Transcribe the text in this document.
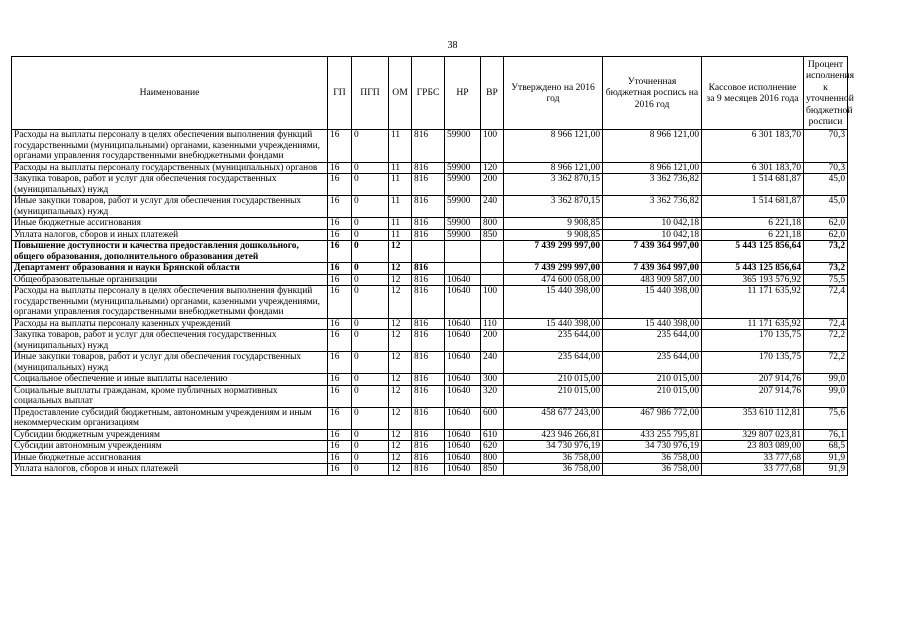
38
Наименование	ГП	ПГП	ОМ	ГРБС	НР	ВР	Утверждено на 2016 год	Уточненная бюджетная роспись на 2016 год	Кассовое исполнение за 9 месяцев 2016 года	Процент исполнения к уточненной бюджетной росписи
Расходы на выплаты персоналу в целях обеспечения выполнения функций государственными (муниципальными) органами, казенными учреждениями, органами управления государственными внебюджетными фондами	16	0	11	816	59900	100	8 966 121,00	8 966 121,00	6 301 183,70	70,3
Расходы на выплаты персоналу государственных (муниципальных) органов	16	0	11	816	59900	120	8 966 121,00	8 966 121,00	6 301 183,70	70,3
Закупка товаров, работ и услуг для обеспечения государственных (муниципальных) нужд	16	0	11	816	59900	200	3 362 870,15	3 362 736,82	1 514 681,87	45,0
Иные закупки товаров, работ и услуг для обеспечения государственных (муниципальных) нужд	16	0	11	816	59900	240	3 362 870,15	3 362 736,82	1 514 681,87	45,0
Иные бюджетные ассигнования	16	0	11	816	59900	800	9 908,85	10 042,18	6 221,18	62,0
Уплата налогов, сборов и иных платежей	16	0	11	816	59900	850	9 908,85	10 042,18	6 221,18	62,0
Повышение доступности и качества предоставления дошкольного, общего образования, дополнительного образования детей	16	0	12				7 439 299 997,00	7 439 364 997,00	5 443 125 856,64	73,2
Департамент образования и науки Брянской области	16	0	12	816			7 439 299 997,00	7 439 364 997,00	5 443 125 856,64	73,2
Общеобразовательные организации	16	0	12	816	10640		474 600 058,00	483 909 587,00	365 193 576,92	75,5
Расходы на выплаты персоналу в целях обеспечения выполнения функций государственными (муниципальными) органами, казенными учреждениями, органами управления государственными внебюджетными фондами	16	0	12	816	10640	100	15 440 398,00	15 440 398,00	11 171 635,92	72,4
Расходы на выплаты персоналу казенных учреждений	16	0	12	816	10640	110	15 440 398,00	15 440 398,00	11 171 635,92	72,4
Закупка товаров, работ и услуг для обеспечения государственных (муниципальных) нужд	16	0	12	816	10640	200	235 644,00	235 644,00	170 135,75	72,2
Иные закупки товаров, работ и услуг для обеспечения государственных (муниципальных) нужд	16	0	12	816	10640	240	235 644,00	235 644,00	170 135,75	72,2
Социальное обеспечение и иные выплаты населению	16	0	12	816	10640	300	210 015,00	210 015,00	207 914,76	99,0
Социальные выплаты гражданам, кроме публичных нормативных социальных выплат	16	0	12	816	10640	320	210 015,00	210 015,00	207 914,76	99,0
Предоставление субсидий бюджетным, автономным учреждениям и иным некоммерческим организациям	16	0	12	816	10640	600	458 677 243,00	467 986 772,00	353 610 112,81	75,6
Субсидии бюджетным учреждениям	16	0	12	816	10640	610	423 946 266,81	433 255 795,81	329 807 023,81	76,1
Субсидии автономным учреждениям	16	0	12	816	10640	620	34 730 976,19	34 730 976,19	23 803 089,00	68,5
Иные бюджетные ассигнования	16	0	12	816	10640	800	36 758,00	36 758,00	33 777,68	91,9
Уплата налогов, сборов и иных платежей	16	0	12	816	10640	850	36 758,00	36 758,00	33 777,68	91,9
